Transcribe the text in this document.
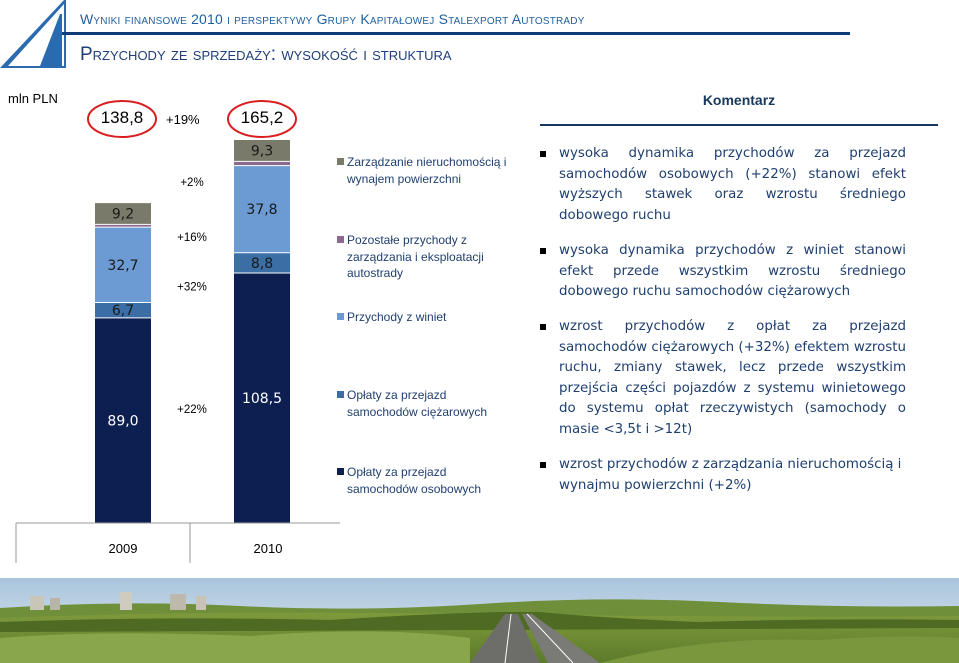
Wyniki finansowe 2010 i perspektywy Grupy Kapitałowej Stalexport Autostrady
Przychody ze sprzedaży: wysokość i struktura
mln PLN
138,8	165,2
+19%
89,0
6,7
32,7
9,2
108,5
8,8
37,8
9,3
+22%
+32%
+16%
+2%
2009	2010
Zarządzanie nieruchomością i wynajem powierzchni
Pozostałe przychody z zarządzania i eksploatacji autostrady
Przychody z winiet
Opłaty za przejazd samochodów ciężarowych
Opłaty za przejazd samochodów osobowych
Komentarz
wysoka dynamika przychodów za przejazd samochodów osobowych (+22%) stanowi efekt wyższych stawek oraz wzrostu średniego dobowego ruchu
wysoka dynamika przychodów z winiet stanowi efekt przede wszystkim wzrostu średniego dobowego ruchu samochodów ciężarowych
wzrost przychodów z opłat za przejazd samochodów ciężarowych (+32%) efektem wzrostu ruchu, zmiany stawek, lecz przede wszystkim przejścia części pojazdów z systemu winietowego do systemu opłat rzeczywistych (samochody o masie <3,5t i >12t)
wzrost przychodów z zarządzania nieruchomością i wynajmu powierzchni (+2%)
